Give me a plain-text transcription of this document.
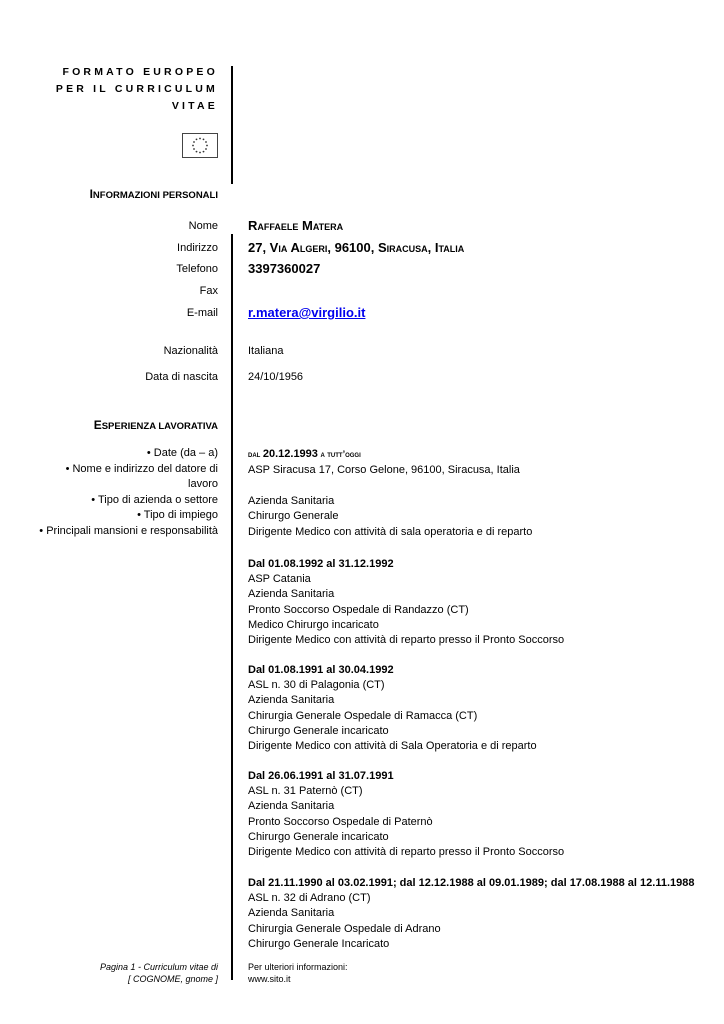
FORMATO EUROPEO
PER IL CURRICULUM
VITAE
INFORMAZIONI PERSONALI
Nome Raffaele Matera
Indirizzo 27, Via Algeri, 96100, Siracusa, Italia
Telefono 3397360027
Fax
E-mail r.matera@virgilio.it
Nazionalità	Italiana
Data di nascita	24/10/1956
ESPERIENZA LAVORATIVA
• Date (da – a)
• Nome e indirizzo del datore di lavoro
• Tipo di azienda o settore
• Tipo di impiego
• Principali mansioni e responsabilità
dal 20.12.1993 a tutt’oggi
ASP Siracusa 17, Corso Gelone, 96100, Siracusa, Italia
Azienda Sanitaria
Chirurgo Generale
Dirigente Medico con attività di sala operatoria e di reparto
Dal 01.08.1992 al 31.12.1992
ASP Catania
Azienda Sanitaria
Pronto Soccorso Ospedale di Randazzo (CT)
Medico Chirurgo incaricato
Dirigente Medico con attività di reparto presso il Pronto Soccorso
Dal 01.08.1991 al 30.04.1992
ASL n. 30 di Palagonia (CT)
Azienda Sanitaria
Chirurgia Generale Ospedale di Ramacca (CT)
Chirurgo Generale incaricato
Dirigente Medico con attività di Sala Operatoria e di reparto
Dal 26.06.1991 al 31.07.1991
ASL n. 31 Paternò (CT)
Azienda Sanitaria
Pronto Soccorso Ospedale di Paternò
Chirurgo Generale incaricato
Dirigente Medico con attività di reparto presso il Pronto Soccorso
Dal 21.11.1990 al 03.02.1991; dal 12.12.1988 al 09.01.1989; dal 17.08.1988 al 12.11.1988
ASL n. 32 di Adrano (CT)
Azienda Sanitaria
Chirurgia Generale Ospedale di Adrano
Chirurgo Generale Incaricato
Pagina 1 - Curriculum vitae di
[ COGNOME, gnome ]
Per ulteriori informazioni:
www.sito.it
